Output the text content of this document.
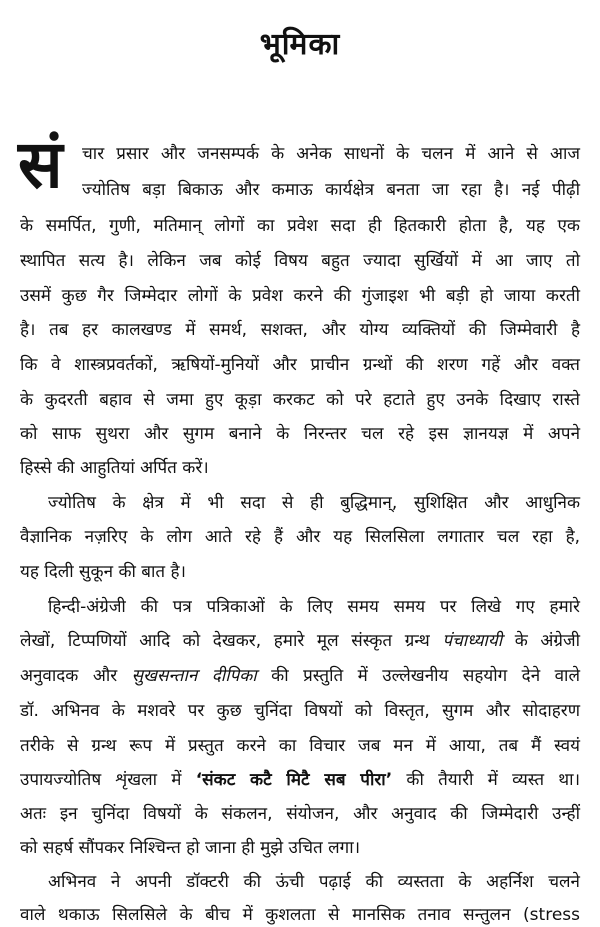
भूमिका
सं चार प्रसार और जनसम्पर्क के अनेक साधनों के चलन में आने से आज
ज्योतिष बड़ा बिकाऊ और कमाऊ कार्यक्षेत्र बनता जा रहा है। नई पीढ़ी
के समर्पित, गुणी, मतिमान् लोगों का प्रवेश सदा ही हितकारी होता है, यह एक
स्थापित सत्य है। लेकिन जब कोई विषय बहुत ज्यादा सुर्खियों में आ जाए तो
उसमें कुछ गैर जिम्मेदार लोगों के प्रवेश करने की गुंजाइश भी बड़ी हो जाया करती
है। तब हर कालखण्ड में समर्थ, सशक्त, और योग्य व्यक्तियों की जिम्मेवारी है
कि वे शास्त्रप्रवर्तकों, ऋषियों-मुनियों और प्राचीन ग्रन्थों की शरण गहें और वक्त
के कुदरती बहाव से जमा हुए कूड़ा करकट को परे हटाते हुए उनके दिखाए रास्ते
को साफ सुथरा और सुगम बनाने के निरन्तर चल रहे इस ज्ञानयज्ञ में अपने
हिस्से की आहुतियां अर्पित करें।
ज्योतिष के क्षेत्र में भी सदा से ही बुद्धिमान्, सुशिक्षित और आधुनिक
वैज्ञानिक नज़रिए के लोग आते रहे हैं और यह सिलसिला लगातार चल रहा है,
यह दिली सुकून की बात है।
हिन्दी-अंग्रेजी की पत्र पत्रिकाओं के लिए समय समय पर लिखे गए हमारे
लेखों, टिप्पणियों आदि को देखकर, हमारे मूल संस्कृत ग्रन्थ पंचाध्यायी के अंग्रेजी
अनुवादक और सुखसन्तान दीपिका की प्रस्तुति में उल्लेखनीय सहयोग देने वाले
डॉ. अभिनव के मशवरे पर कुछ चुनिंदा विषयों को विस्तृत, सुगम और सोदाहरण
तरीके से ग्रन्थ रूप में प्रस्तुत करने का विचार जब मन में आया, तब मैं स्वयं
उपायज्योतिष शृंखला में ‘संकट कटै मिटै सब पीरा’ की तैयारी में व्यस्त था।
अतः इन चुनिंदा विषयों के संकलन, संयोजन, और अनुवाद की जिम्मेदारी उन्हीं
को सहर्ष सौंपकर निश्चिन्त हो जाना ही मुझे उचित लगा।
अभिनव ने अपनी डॉक्टरी की ऊंची पढ़ाई की व्यस्तता के अहर्निश चलने
वाले थकाऊ सिलसिले के बीच में कुशलता से मानसिक तनाव सन्तुलन (stress
